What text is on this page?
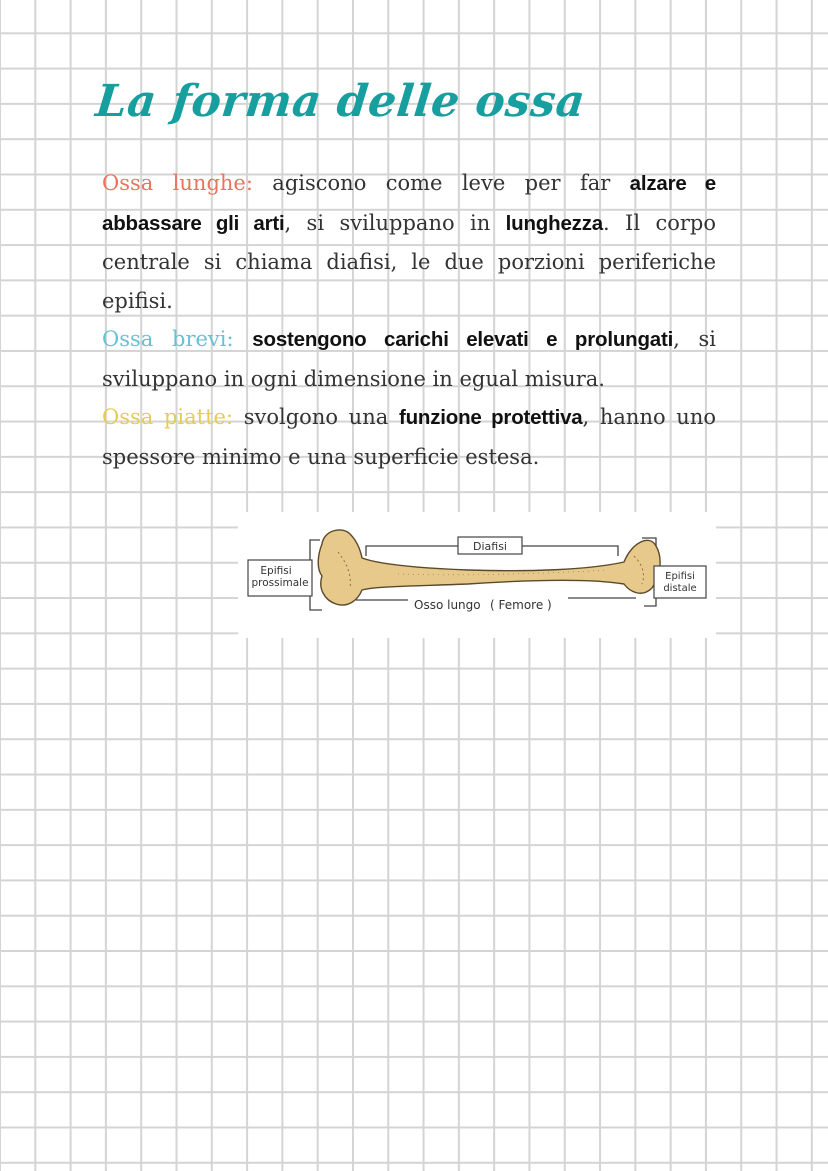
La forma delle ossa

Ossa lunghe: agiscono come leve per far alzare e abbassare gli arti, si sviluppano in lunghezza. Il corpo centrale si chiama diafisi, le due porzioni periferiche epifisi.

Ossa brevi: sostengono carichi elevati e prolungati, si sviluppano in ogni dimensione in egual misura.

Ossa piatte: svolgono una funzione protettiva, hanno uno spessore minimo e una superficie estesa.

Diafisi
Epifisi
prossimale
Epifisi
distale
Osso lungo ( Femore )
